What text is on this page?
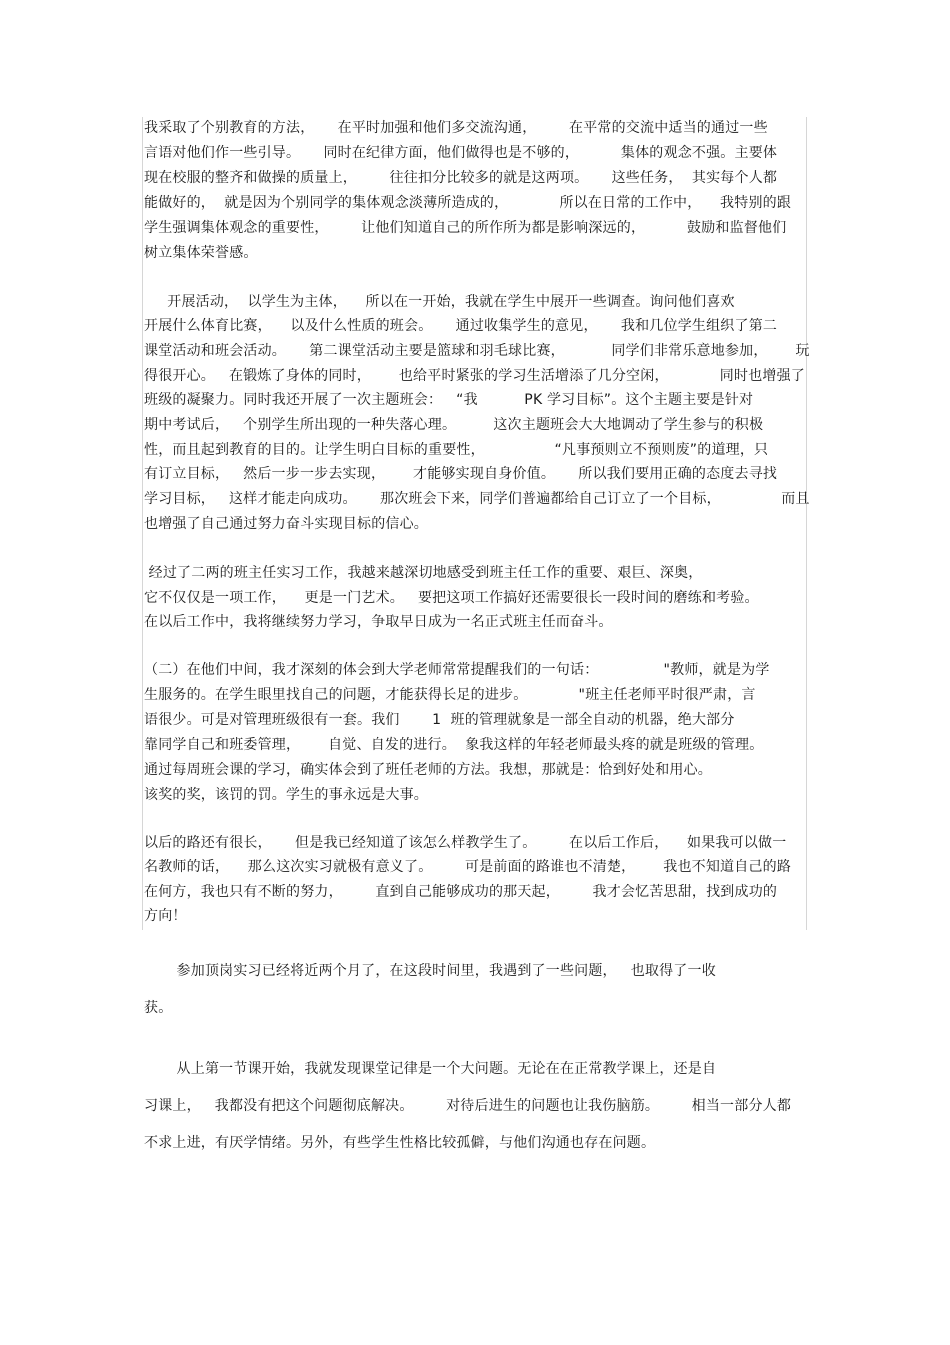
我采取了个别教育的方法，     在平时加强和他们多交流沟通，       在平常的交流中适当的通过一些
言语对他们作一些引导。     同时在纪律方面，他们做得也是不够的，         集体的观念不强。主要体
现在校服的整齐和做操的质量上，       往往扣分比较多的就是这两项。     这些任务，  其实每个人都
能做好的，  就是因为个别同学的集体观念淡薄所造成的，           所以在日常的工作中，    我特别的跟
学生强调集体观念的重要性，       让他们知道自己的所作所为都是影响深远的，         鼓励和监督他们
树立集体荣誉感。
开展活动，  以学生为主体，    所以在一开始，我就在学生中展开一些调查。询问他们喜欢
开展什么体育比赛，    以及什么性质的班会。     通过收集学生的意见，     我和几位学生组织了第二
课堂活动和班会活动。     第二课堂活动主要是篮球和羽毛球比赛，          同学们非常乐意地参加，      玩
得很开心。   在锻炼了身体的同时，      也给平时紧张的学习生活增添了几分空闲，           同时也增强了
班级的凝聚力。同时我还开展了一次主题班会：   “我          PK 学习目标”。这个主题主要是针对
期中考试后，   个别学生所出现的一种失落心理。        这次主题班会大大地调动了学生参与的积极
性，而且起到教育的目的。让学生明白目标的重要性，               “凡事预则立不预则废”的道理，只
有订立目标，   然后一步一步去实现，      才能够实现自身价值。     所以我们要用正确的态度去寻找
学习目标，   这样才能走向成功。     那次班会下来，同学们普遍都给自己订立了一个目标，             而且
也增强了自己通过努力奋斗实现目标的信心。
经过了二两的班主任实习工作，我越来越深切地感受到班主任工作的重要、艰巨、深奥，
它不仅仅是一项工作，    更是一门艺术。   要把这项工作搞好还需要很长一段时间的磨练和考验。
在以后工作中，我将继续努力学习，争取早日成为一名正式班主任而奋斗。
（二）在他们中间，我才深刻的体会到大学老师常常提醒我们的一句话：              "教师，就是为学
生服务的。在学生眼里找自己的问题，才能获得长足的进步。           "班主任老师平时很严肃，言
语很少。可是对管理班级很有一套。我们       1  班的管理就象是一部全自动的机器，绝大部分
靠同学自己和班委管理，      自觉、自发的进行。  象我这样的年轻老师最头疼的就是班级的管理。
通过每周班会课的学习，确实体会到了班任老师的方法。我想，那就是：恰到好处和用心。
该奖的奖，该罚的罚。学生的事永远是大事。
以后的路还有很长，     但是我已经知道了该怎么样教学生了。       在以后工作后，    如果我可以做一
名教师的话，    那么这次实习就极有意义了。       可是前面的路谁也不清楚，      我也不知道自己的路
在何方，我也只有不断的努力，       直到自己能够成功的那天起，       我才会忆苦思甜，找到成功的
方向！
参加顶岗实习已经将近两个月了，在这段时间里，我遇到了一些问题，   也取得了一收
获。
从上第一节课开始，我就发现课堂记律是一个大问题。无论在在正常教学课上，还是自
习课上，   我都没有把这个问题彻底解决。       对待后进生的问题也让我伤脑筋。       相当一部分人都
不求上进，有厌学情绪。另外，有些学生性格比较孤僻，与他们沟通也存在问题。
